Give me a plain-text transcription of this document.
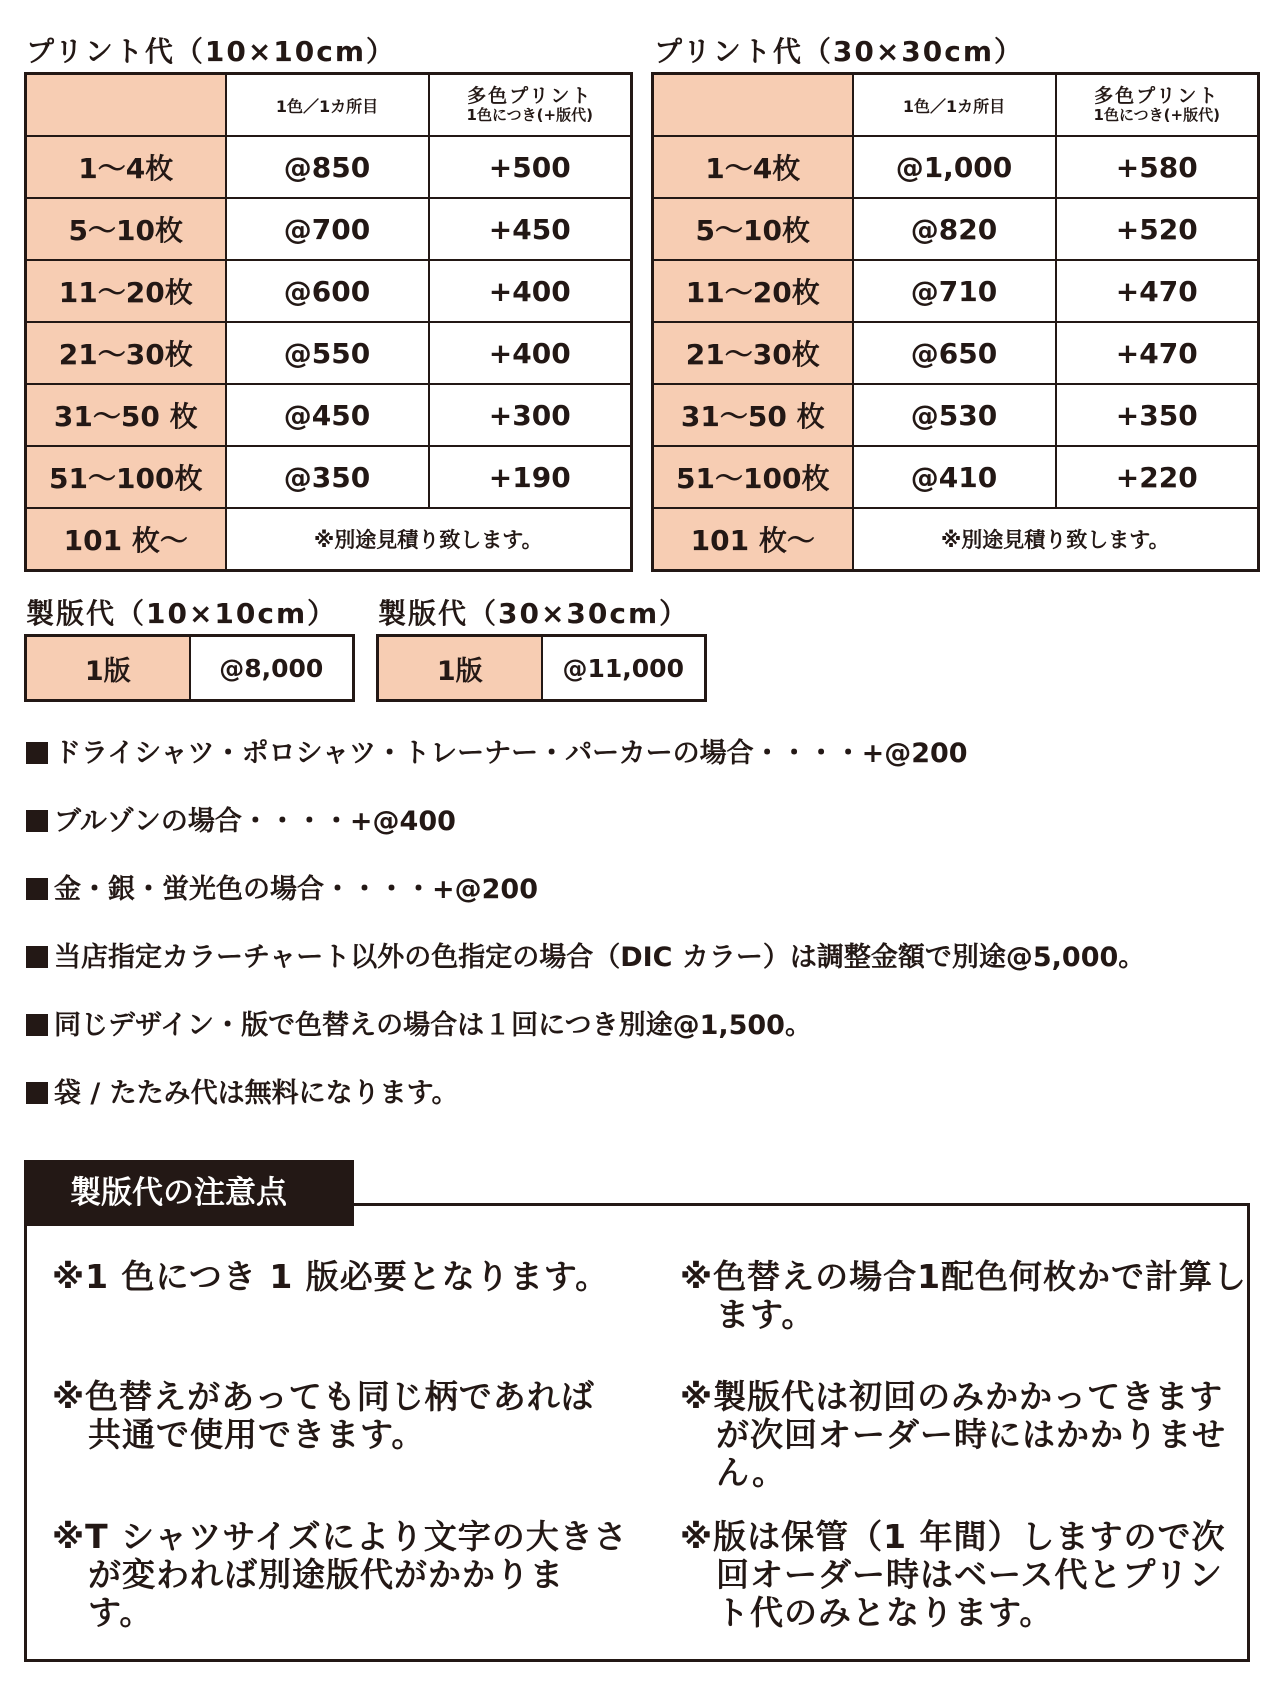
プリント代（10×10cm）
	1色／1カ所目	多色プリント
1色につき(+版代)

1～4枚	@850	+500
5～10枚	@700	+450
11～20枚	@600	+400
21～30枚	@550	+400
31～50 枚	@450	+300
51～100枚	@350	+190
101 枚～	※別途見積り致します。	
プリント代（30×30cm）
	1色／1カ所目	多色プリント
1色につき(+版代)

1～4枚	@1,000	+580
5～10枚	@820	+520
11～20枚	@710	+470
21～30枚	@650	+470
31～50 枚	@530	+350
51～100枚	@410	+220
101 枚～	※別途見積り致します。	
製版代（10×10cm）
1版	@8,000
製版代（30×30cm）
1版	@11,000
ドライシャツ・ポロシャツ・トレーナー・パーカーの場合・・・・+@200
ブルゾンの場合・・・・+@400
金・銀・蛍光色の場合・・・・+@200
当店指定カラーチャート以外の色指定の場合（DIC カラー）は調整金額で別途@5,000。
同じデザイン・版で色替えの場合は１回につき別途@1,500。
袋 / たたみ代は無料になります。
製版代の注意点
※1 色につき 1 版必要となります。	※色替えの場合1配色何枚かで計算します。
※色替えがあっても同じ柄であれば共通で使用できます。
※製版代は初回のみかかってきますが次回オーダー時にはかかりません。
※T シャツサイズにより文字の大きさが変われば別途版代がかかります。
※版は保管（1 年間）しますので次回オーダー時はベース代とプリント代のみとなります。
